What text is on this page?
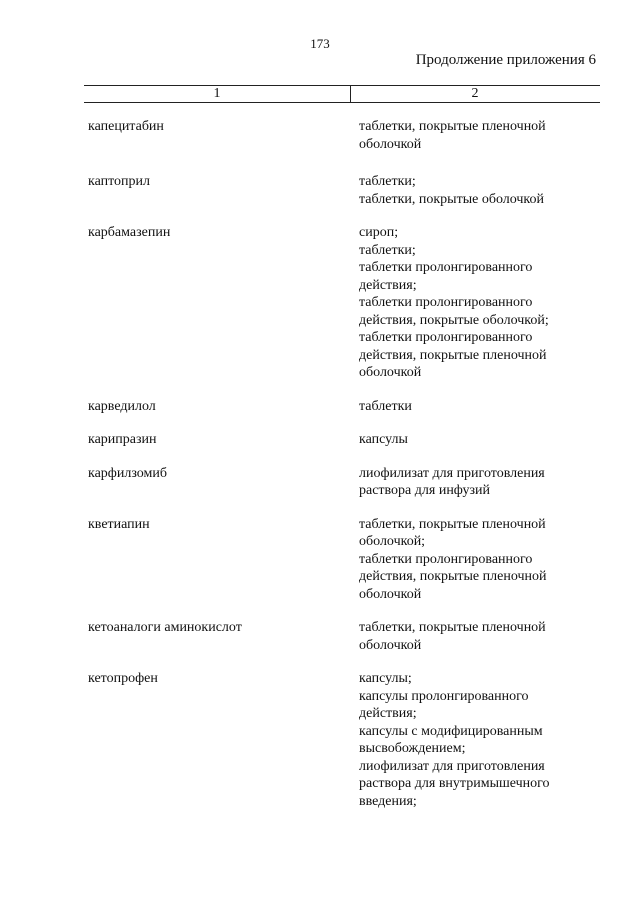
173
Продолжение приложения 6
1	2
капецитабин	таблетки, покрытые пленочной
оболочкой
каптоприл	таблетки;
таблетки, покрытые оболочкой
карбамазепин	сироп;
таблетки;
таблетки пролонгированного
действия;
таблетки пролонгированного
действия, покрытые оболочкой;
таблетки пролонгированного
действия, покрытые пленочной
оболочкой
карведилол	таблетки
карипразин	капсулы
карфилзомиб	лиофилизат для приготовления
раствора для инфузий
кветиапин	таблетки, покрытые пленочной
оболочкой;
таблетки пролонгированного
действия, покрытые пленочной
оболочкой
кетоаналоги аминокислот	таблетки, покрытые пленочной
оболочкой
кетопрофен	капсулы;
капсулы пролонгированного
действия;
капсулы с модифицированным
высвобождением;
лиофилизат для приготовления
раствора для внутримышечного
введения;
